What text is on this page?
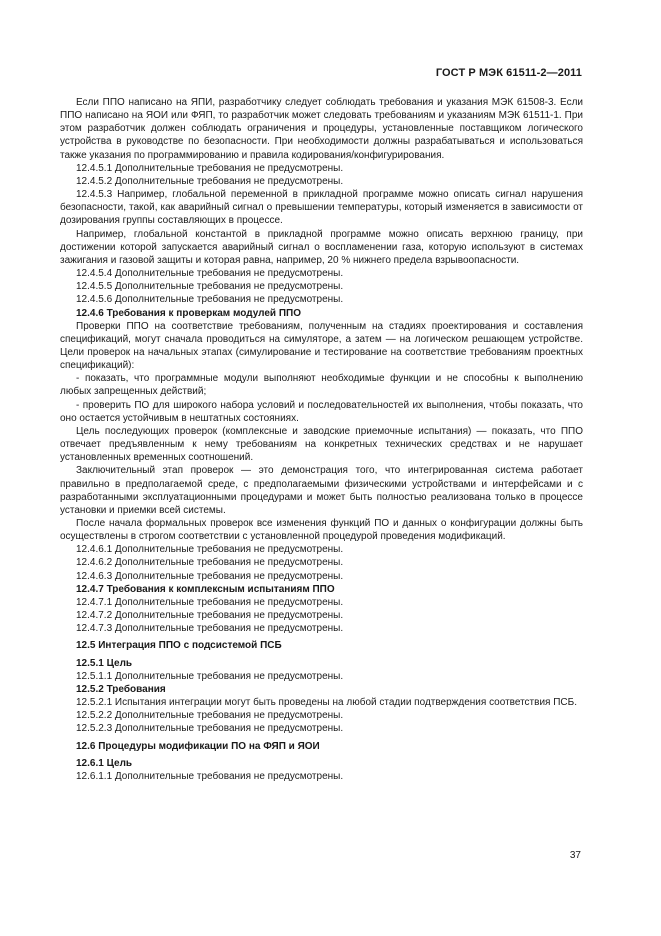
ГОСТ Р МЭК 61511-2—2011

Если ППО написано на ЯПИ, разработчику следует соблюдать требования и указания МЭК 61508-3. Если ППО написано на ЯОИ или ФЯП, то разработчик может следовать требованиям и указаниям МЭК 61511-1. При этом разработчик должен соблюдать ограничения и процедуры, установленные поставщиком логического устройства в руководстве по безопасности. При необходимости должны разрабатываться и использоваться также указания по программированию и правила кодирования/конфигурирования.

12.4.5.1 Дополнительные требования не предусмотрены.

12.4.5.2 Дополнительные требования не предусмотрены.

12.4.5.3 Например, глобальной переменной в прикладной программе можно описать сигнал нарушения безопасности, такой, как аварийный сигнал о превышении температуры, который изменяется в зависимости от дозирования группы составляющих в процессе.

Например, глобальной константой в прикладной программе можно описать верхнюю границу, при достижении которой запускается аварийный сигнал о воспламенении газа, которую используют в системах зажигания и газовой защиты и которая равна, например, 20 % нижнего предела взрывоопасности.

12.4.5.4 Дополнительные требования не предусмотрены.

12.4.5.5 Дополнительные требования не предусмотрены.

12.4.5.6 Дополнительные требования не предусмотрены.

12.4.6 Требования к проверкам модулей ППО

Проверки ППО на соответствие требованиям, полученным на стадиях проектирования и составления спецификаций, могут сначала проводиться на симуляторе, а затем — на логическом решающем устройстве. Цели проверок на начальных этапах (симулирование и тестирование на соответствие требованиям проектных спецификаций):

- показать, что программные модули выполняют необходимые функции и не способны к выполнению любых запрещенных действий;

- проверить ПО для широкого набора условий и последовательностей их выполнения, чтобы показать, что оно остается устойчивым в нештатных состояниях.

Цель последующих проверок (комплексные и заводские приемочные испытания) — показать, что ППО отвечает предъявленным к нему требованиям на конкретных технических средствах и не нарушает установленных временных соотношений.

Заключительный этап проверок — это демонстрация того, что интегрированная система работает правильно в предполагаемой среде, с предполагаемыми физическими устройствами и интерфейсами и с разработанными эксплуатационными процедурами и может быть полностью реализована только в процессе установки и приемки всей системы.

После начала формальных проверок все изменения функций ПО и данных о конфигурации должны быть осуществлены в строгом соответствии с установленной процедурой проведения модификаций.

12.4.6.1 Дополнительные требования не предусмотрены.

12.4.6.2 Дополнительные требования не предусмотрены.

12.4.6.3 Дополнительные требования не предусмотрены.

12.4.7 Требования к комплексным испытаниям ППО

12.4.7.1 Дополнительные требования не предусмотрены.

12.4.7.2 Дополнительные требования не предусмотрены.

12.4.7.3 Дополнительные требования не предусмотрены.

12.5 Интеграция ППО с подсистемой ПСБ

12.5.1 Цель

12.5.1.1 Дополнительные требования не предусмотрены.

12.5.2 Требования

12.5.2.1 Испытания интеграции могут быть проведены на любой стадии подтверждения соответствия ПСБ.

12.5.2.2 Дополнительные требования не предусмотрены.

12.5.2.3 Дополнительные требования не предусмотрены.

12.6 Процедуры модификации ПО на ФЯП и ЯОИ

12.6.1 Цель

12.6.1.1 Дополнительные требования не предусмотрены.

37
